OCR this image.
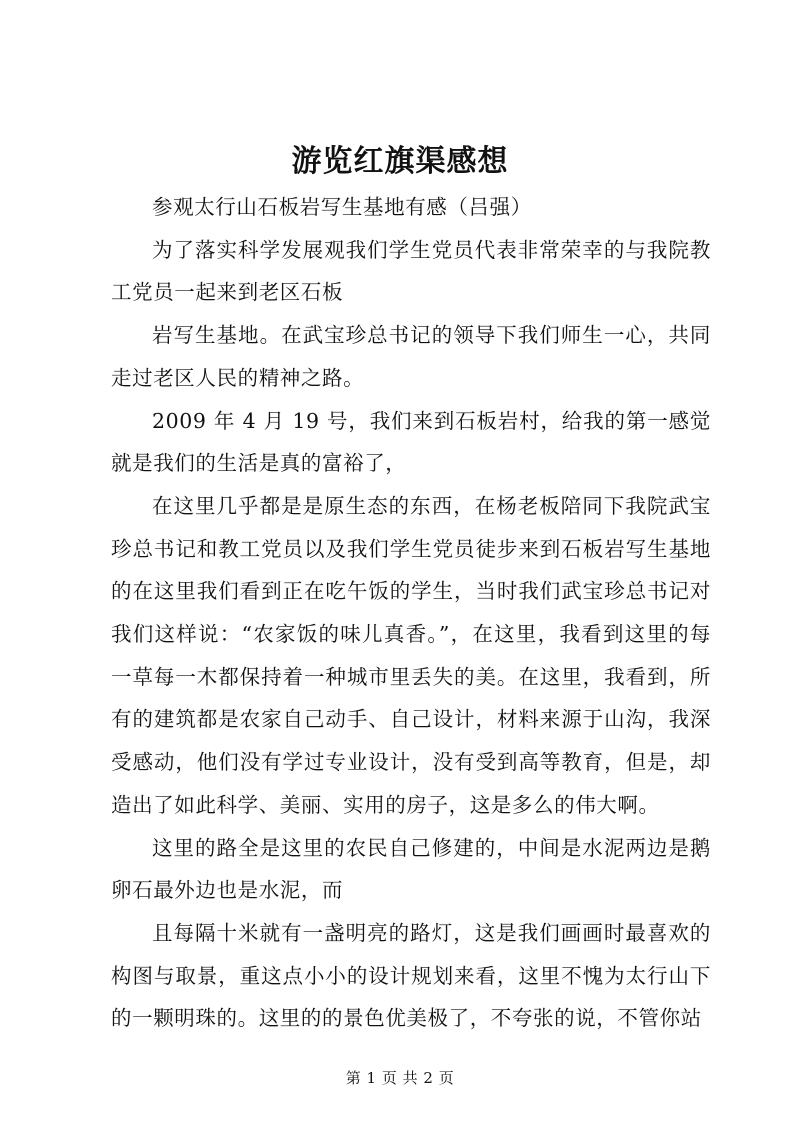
游览红旗渠感想

参观太行山石板岩写生基地有感（吕强）

为了落实科学发展观我们学生党员代表非常荣幸的与我院教工党员一起来到老区石板

岩写生基地。在武宝珍总书记的领导下我们师生一心，共同走过老区人民的精神之路。

2009 年 4 月 19 号，我们来到石板岩村，给我的第一感觉就是我们的生活是真的富裕了，

在这里几乎都是是原生态的东西，在杨老板陪同下我院武宝珍总书记和教工党员以及我们学生党员徒步来到石板岩写生基地的在这里我们看到正在吃午饭的学生，当时我们武宝珍总书记对我们这样说：“农家饭的味儿真香。”，在这里，我看到这里的每一草每一木都保持着一种城市里丢失的美。在这里，我看到，所有的建筑都是农家自己动手、自己设计，材料来源于山沟，我深受感动，他们没有学过专业设计，没有受到高等教育，但是，却造出了如此科学、美丽、实用的房子，这是多么的伟大啊。

这里的路全是这里的农民自己修建的，中间是水泥两边是鹅卵石最外边也是水泥，而

且每隔十米就有一盏明亮的路灯，这是我们画画时最喜欢的构图与取景，重这点小小的设计规划来看，这里不愧为太行山下的一颗明珠的。这里的的景色优美极了，不夸张的说，不管你站

第 1 页 共 2 页
